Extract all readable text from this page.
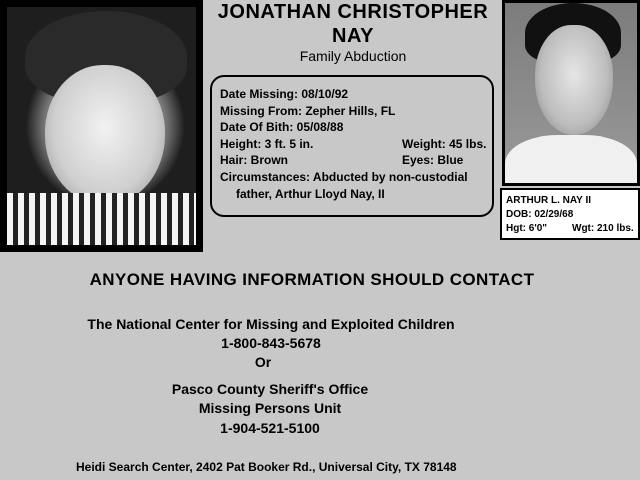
JONATHAN CHRISTOPHER
NAY
Family Abduction
Date Missing: 08/10/92
Missing From: Zepher Hills, FL
Date Of Bith: 05/08/88
Height: 3 ft. 5 in.	Weight: 45 lbs.
Hair: Brown	Eyes: Blue
Circumstances: Abducted by non-custodial
father, Arthur Lloyd Nay, II	ARTHUR L. NAY II
DOB: 02/29/68
Hgt: 6'0" Wgt: 210 lbs.
ANYONE HAVING INFORMATION SHOULD CONTACT
The National Center for Missing and Exploited Children
1-800-843-5678
Or
Pasco County Sheriff's Office
Missing Persons Unit
1-904-521-5100
Heidi Search Center, 2402 Pat Booker Rd., Universal City, TX 78148
